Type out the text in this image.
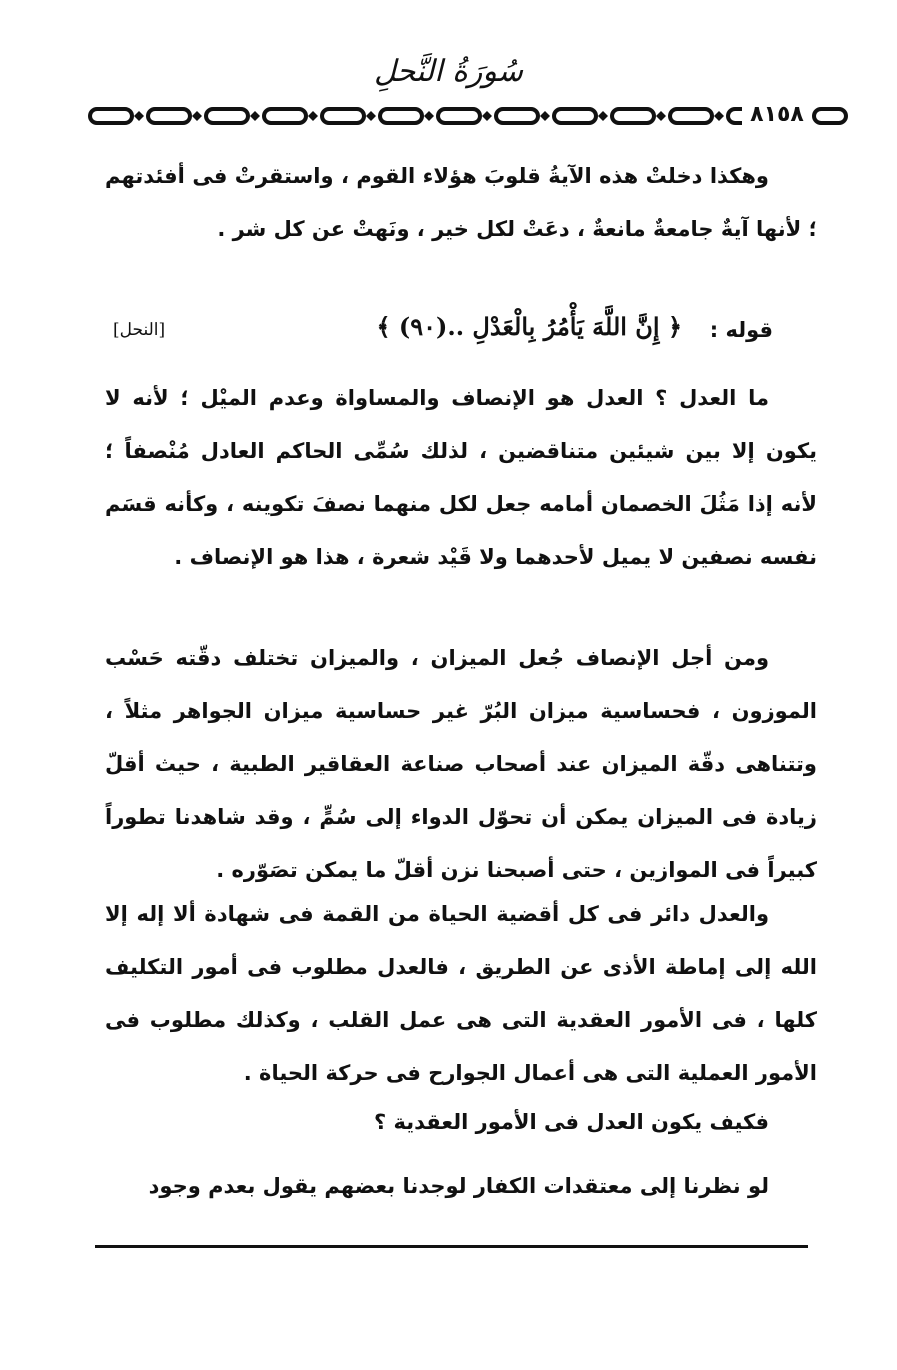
سُورَةُ النَّحلِ
٨١٥٨
وهكذا دخلتْ هذه الآيةُ قلوبَ هؤلاء القوم ، واستقرتْ فى أفئدتهم ؛ لأنها آيةٌ جامعةٌ مانعةٌ ، دعَتْ لكل خير ، ونَهتْ عن كل شر .
قوله :
﴿ إِنَّ اللَّهَ يَأْمُرُ بِالْعَدْلِ ..(٩٠) ﴾
[النحل]
ما العدل ؟ العدل هو الإنصاف والمساواة وعدم الميْل ؛ لأنه لا يكون إلا بين شيئين متناقضين ، لذلك سُمِّى الحاكم العادل مُنْصفاً ؛ لأنه إذا مَثُلَ الخصمان أمامه جعل لكل منهما نصفَ تكوينه ، وكأنه قسَم نفسه نصفين لا يميل لأحدهما ولا قَيْد شعرة ، هذا هو الإنصاف .
ومن أجل الإنصاف جُعل الميزان ، والميزان تختلف دقّته حَسْب الموزون ، فحساسية ميزان البُرّ غير حساسية ميزان الجواهر مثلاً ، وتتناهى دقّة الميزان عند أصحاب صناعة العقاقير الطبية ، حيث أقلّ زيادة فى الميزان يمكن أن تحوّل الدواء إلى سُمٍّ ، وقد شاهدنا تطوراً كبيراً فى الموازين ، حتى أصبحنا نزن أقلّ ما يمكن تصَوّره .
والعدل دائر فى كل أقضية الحياة من القمة فى شهادة ألا إله إلا الله إلى إماطة الأذى عن الطريق ، فالعدل مطلوب فى أمور التكليف كلها ، فى الأمور العقدية التى هى عمل القلب ، وكذلك مطلوب فى الأمور العملية التى هى أعمال الجوارح فى حركة الحياة .
فكيف يكون العدل فى الأمور العقدية ؟
لو نظرنا إلى معتقدات الكفار لوجدنا بعضهم يقول بعدم وجود
